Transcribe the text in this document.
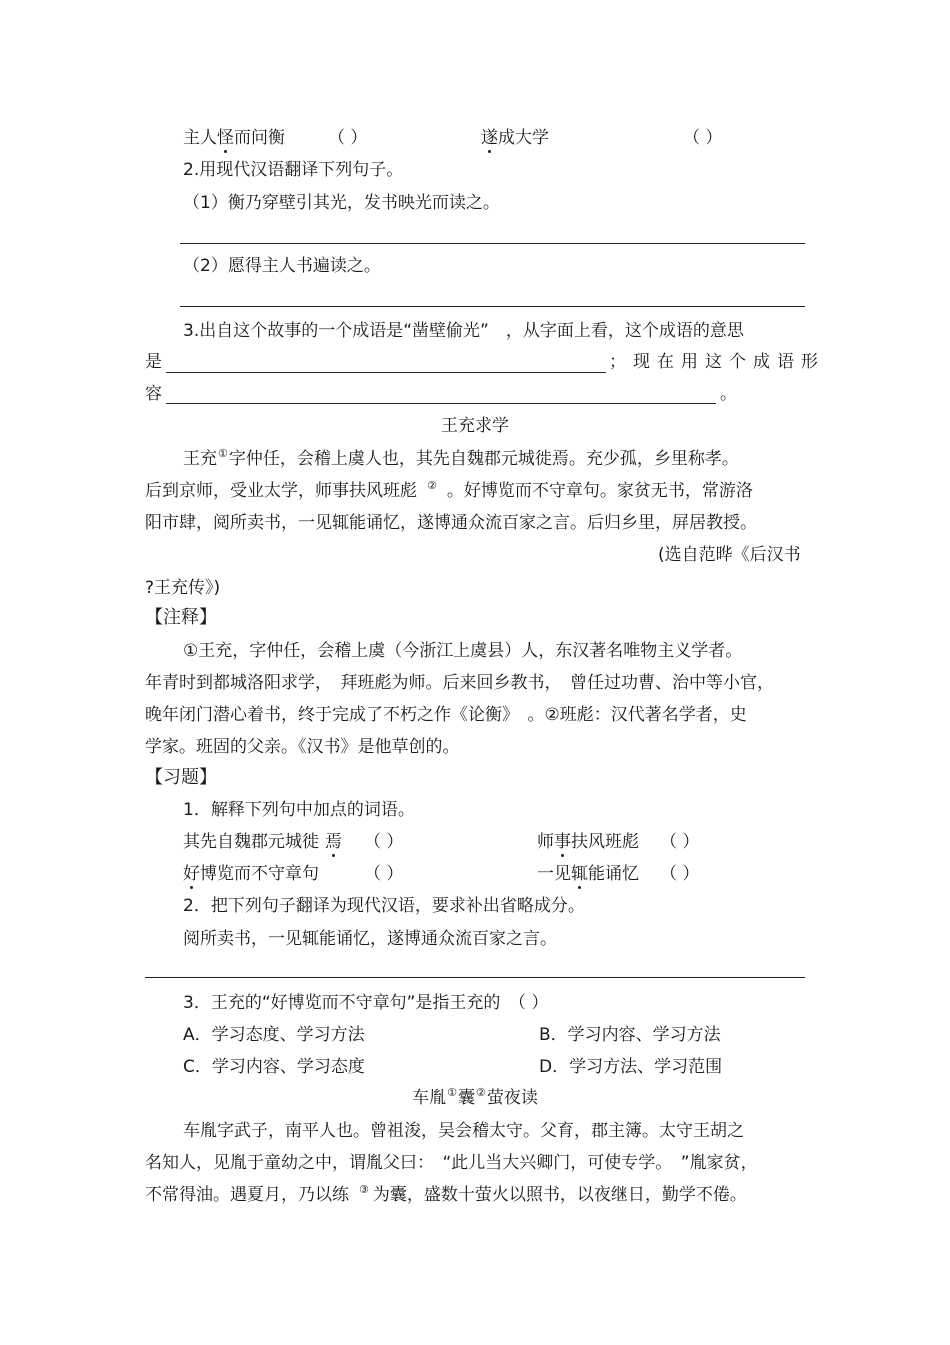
主人怪而问衡	（ ）	遂成大学	（ ）
2.用现代汉语翻译下列句子。
（1）衡乃穿壁引其光，发书映光而读之。
（2）愿得主人书遍读之。
3.出自这个故事的一个成语是“凿壁偷光”　，从字面上看，这个成语的意思
是	；现在用这个成语形
容	。
王充求学
王充①字仲任，会稽上虞人也，其先自魏郡元城徙焉。充少孤，乡里称孝。
后到京师，受业太学，师事扶风班彪 ② 。好博览而不守章句。家贫无书，常游洛
阳市肆，阅所卖书，一见辄能诵忆，遂博通众流百家之言。后归乡里，屏居教授。
(选自范晔《后汉书
?王充传》)
【注释】
①王充，字仲任，会稽上虞（今浙江上虞县）人，东汉著名唯物主义学者。
年青时到都城洛阳求学，　拜班彪为师。后来回乡教书，　曾任过功曹、治中等小官，
晚年闭门潜心着书，终于完成了不朽之作《论衡》　。②班彪：汉代著名学者，史
学家。班固的父亲。《汉书》是他草创的。
【习题】
1．解释下列句中加点的词语。
其先自魏郡元城徙 焉 （ ）	师事扶风班彪 （ ）
好博览而不守章句	（ ）	一见辄能诵忆 （ ）
2．把下列句子翻译为现代汉语，要求补出省略成分。
阅所卖书，一见辄能诵忆，遂博通众流百家之言。
3．王充的“好博览而不守章句”是指王充的　（ ）
A．学习态度、学习方法	B．学习内容、学习方法
C．学习内容、学习态度	D．学习方法、学习范围
车胤①囊②萤夜读
车胤字武子，南平人也。曾祖浚，吴会稽太守。父育，郡主簿。太守王胡之
名知人，见胤于童幼之中，谓胤父曰：　“此儿当大兴卿门，可使专学。　”胤家贫，
不常得油。遇夏月，乃以练 ③ 为囊，盛数十萤火以照书，以夜继日，勤学不倦。
